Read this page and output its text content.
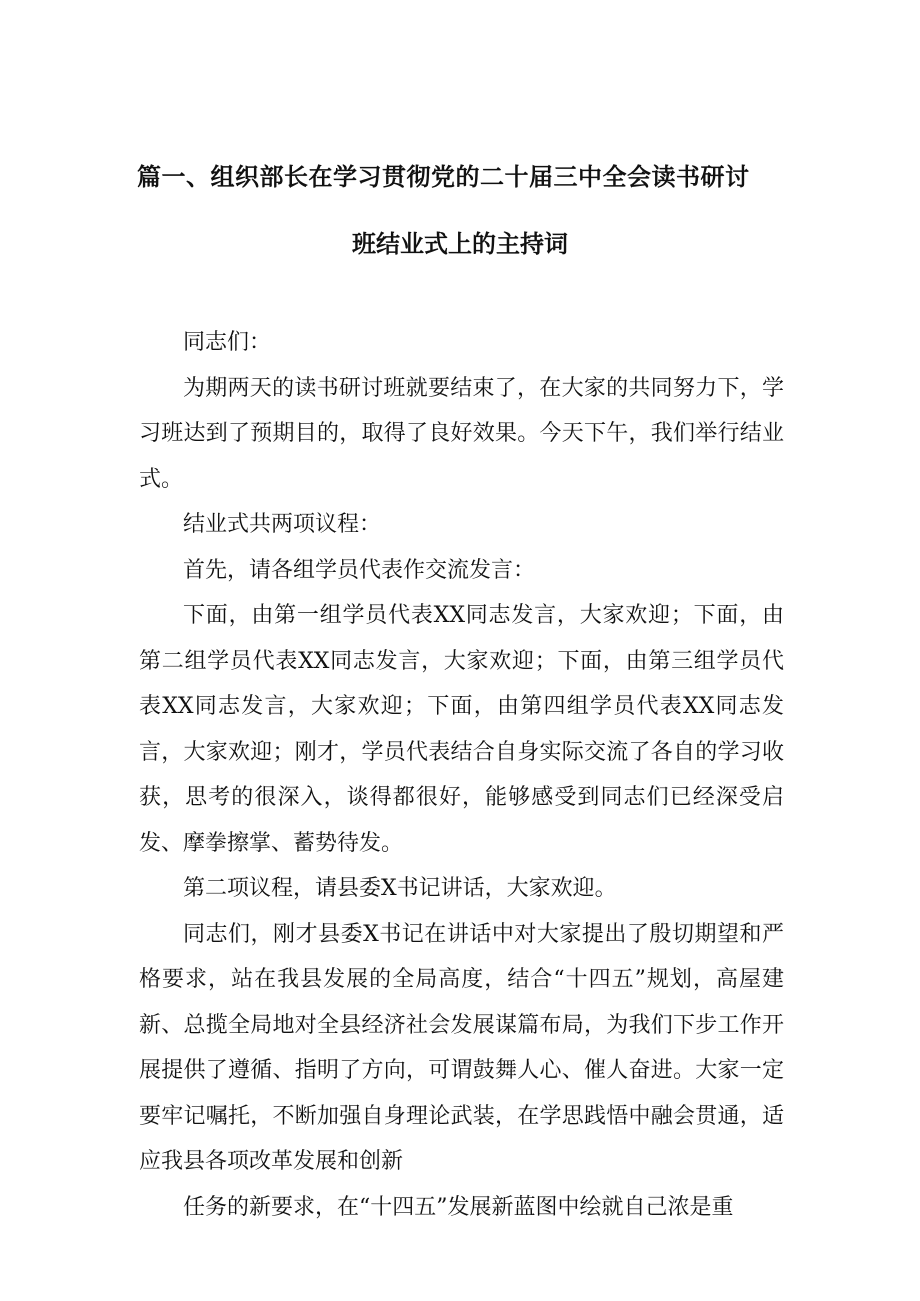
篇一、组织部长在学习贯彻党的二十届三中全会读书研讨
班结业式上的主持词

同志们：

为期两天的读书研讨班就要结束了，在大家的共同努力下，学习班达到了预期目的，取得了良好效果。今天下午，我们举行结业式。

结业式共两项议程：

首先，请各组学员代表作交流发言：

下面，由第一组学员代表XX同志发言，大家欢迎；下面，由第二组学员代表XX同志发言，大家欢迎；下面，由第三组学员代表XX同志发言，大家欢迎；下面，由第四组学员代表XX同志发言，大家欢迎；刚才，学员代表结合自身实际交流了各自的学习收获，思考的很深入，谈得都很好，能够感受到同志们已经深受启发、摩拳擦掌、蓄势待发。

第二项议程，请县委X书记讲话，大家欢迎。

同志们，刚才县委X书记在讲话中对大家提出了殷切期望和严格要求，站在我县发展的全局高度，结合“十四五”规划，高屋建新、总揽全局地对全县经济社会发展谋篇布局，为我们下步工作开展提供了遵循、指明了方向，可谓鼓舞人心、催人奋进。大家一定要牢记嘱托，不断加强自身理论武装，在学思践悟中融会贯通，适应我县各项改革发展和创新

任务的新要求，在“十四五”发展新蓝图中绘就自己浓是重
